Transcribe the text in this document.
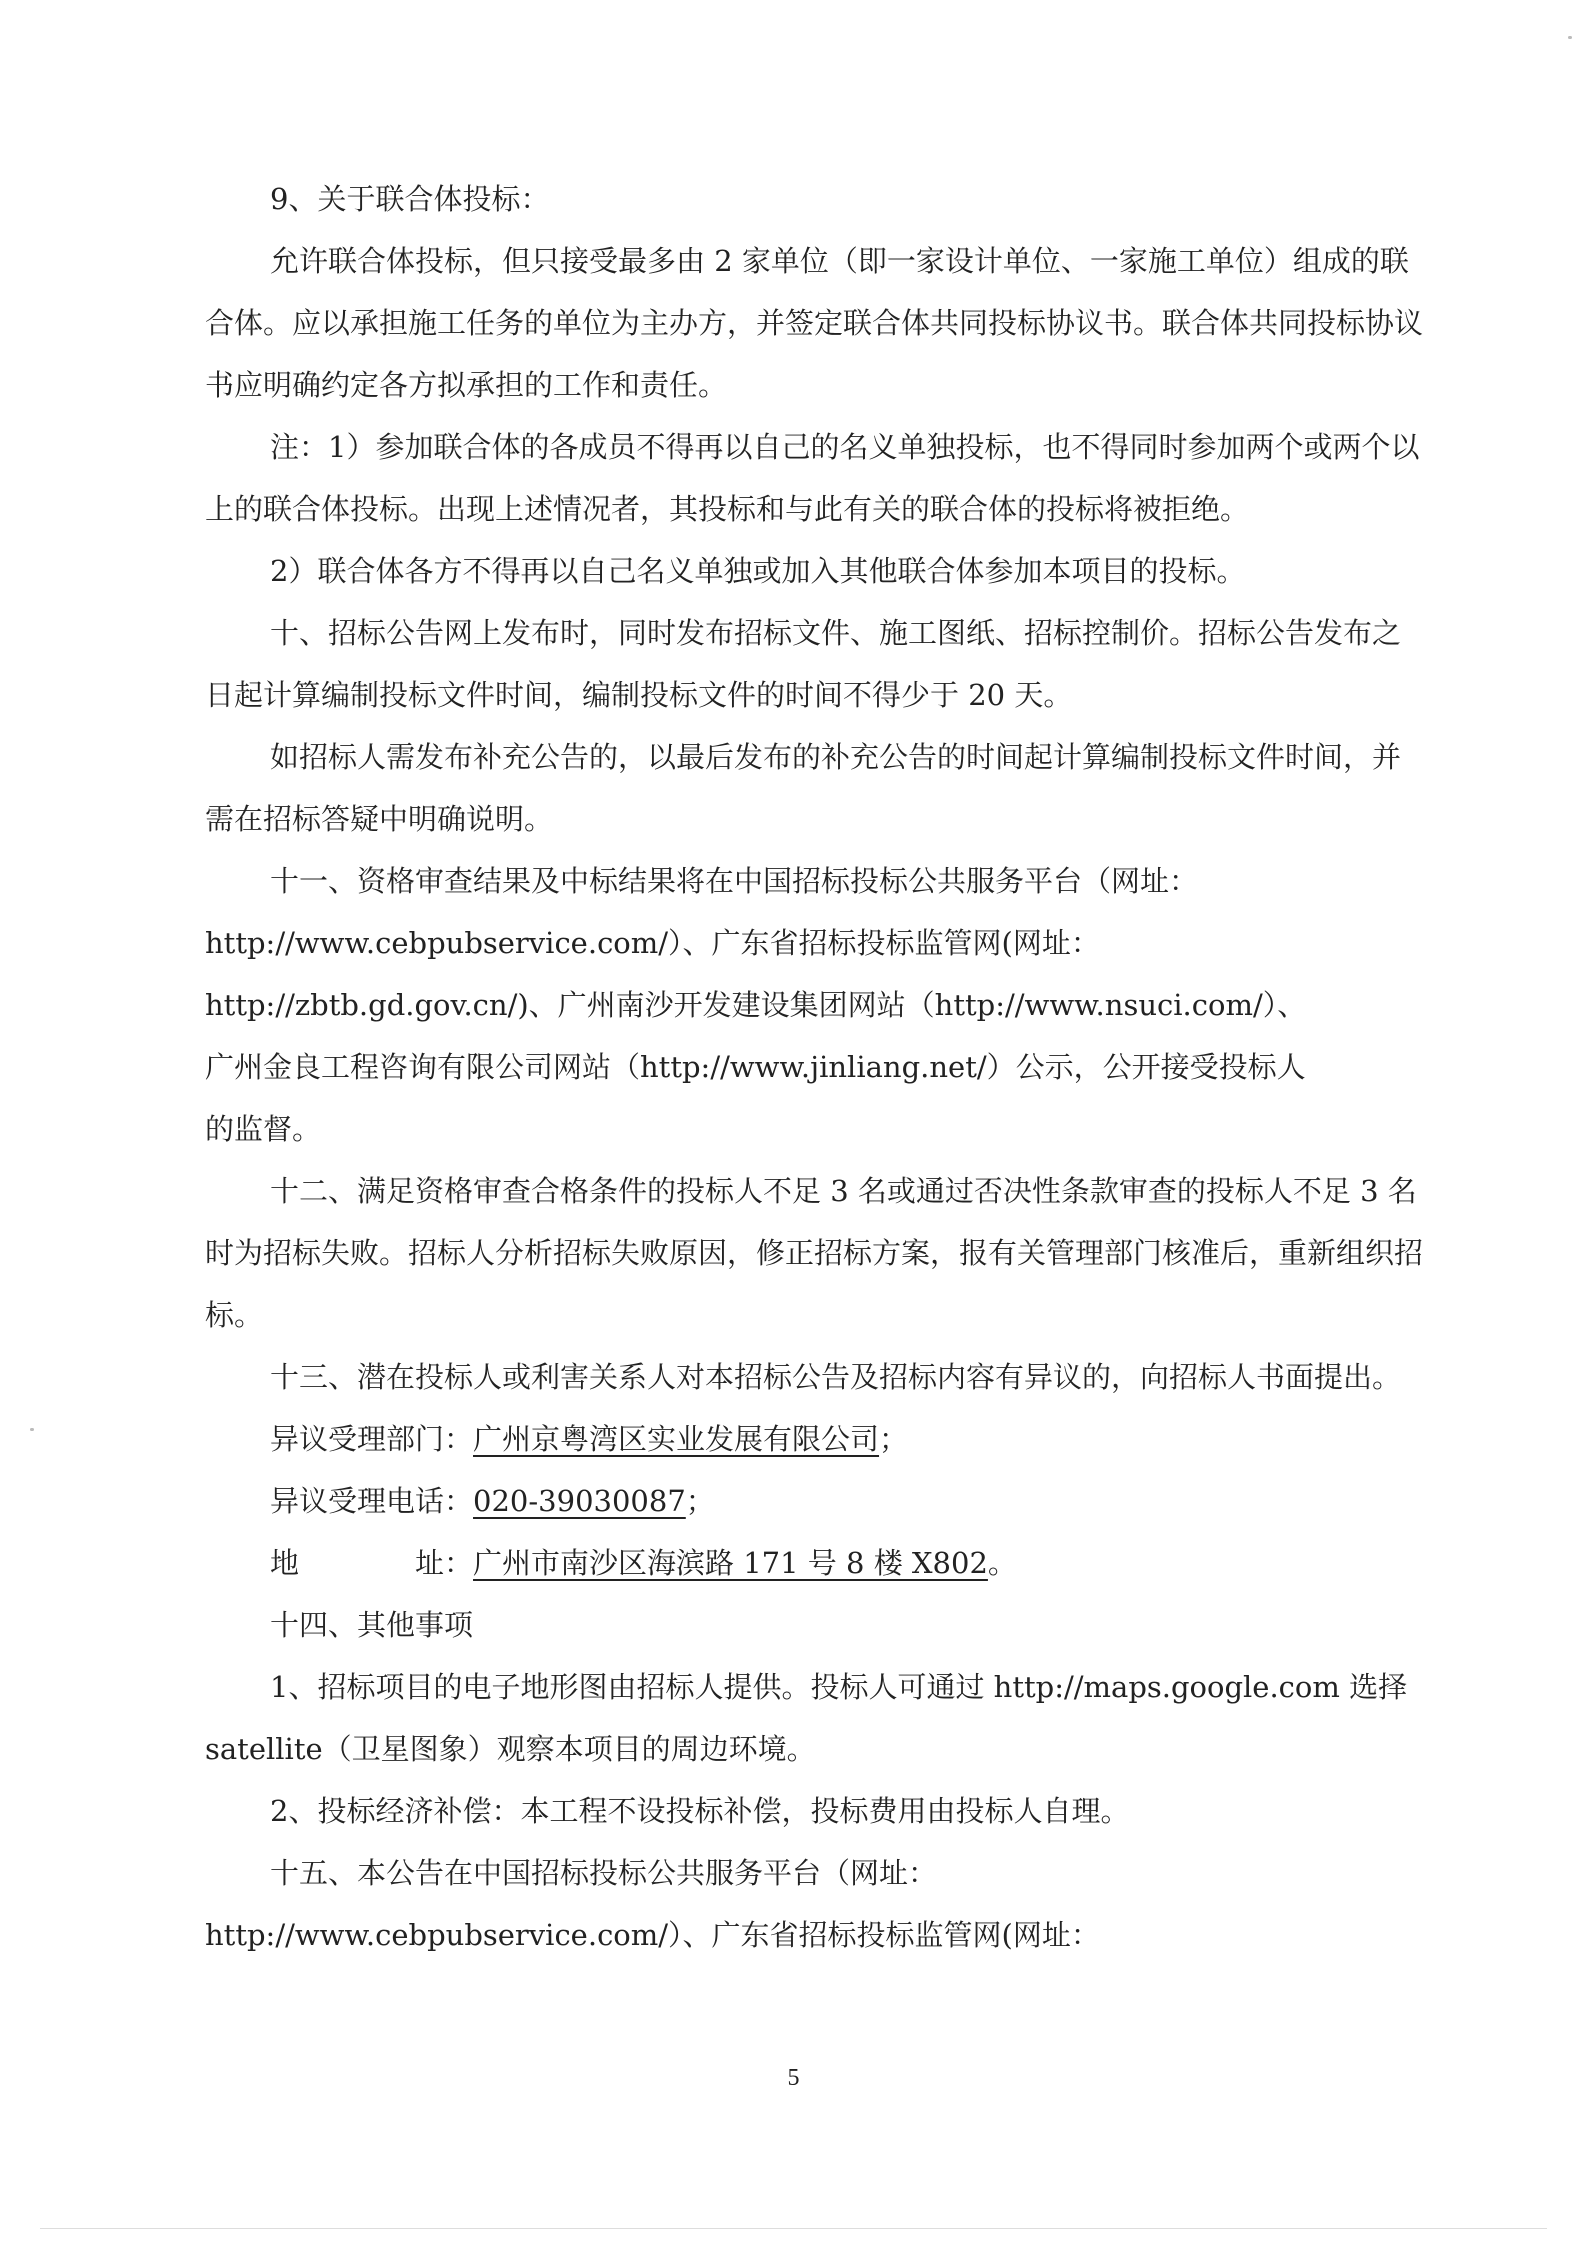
9、关于联合体投标：

允许联合体投标，但只接受最多由 2 家单位（即一家设计单位、一家施工单位）组成的联合体。应以承担施工任务的单位为主办方，并签定联合体共同投标协议书。联合体共同投标协议书应明确约定各方拟承担的工作和责任。

注：1）参加联合体的各成员不得再以自己的名义单独投标，也不得同时参加两个或两个以上的联合体投标。出现上述情况者，其投标和与此有关的联合体的投标将被拒绝。

2）联合体各方不得再以自己名义单独或加入其他联合体参加本项目的投标。

十、招标公告网上发布时，同时发布招标文件、施工图纸、招标控制价。招标公告发布之日起计算编制投标文件时间，编制投标文件的时间不得少于 20 天。

如招标人需发布补充公告的，以最后发布的补充公告的时间起计算编制投标文件时间，并需在招标答疑中明确说明。

十一、资格审查结果及中标结果将在中国招标投标公共服务平台（网址：

http://www.cebpubservice.com/）、广东省招标投标监管网(网址：

http://zbtb.gd.gov.cn/)、广州南沙开发建设集团网站（http://www.nsuci.com/）、

广州金良工程咨询有限公司网站（http://www.jinliang.net/）公示，公开接受投标人

的监督。

十二、满足资格审查合格条件的投标人不足 3 名或通过否决性条款审查的投标人不足 3 名时为招标失败。招标人分析招标失败原因，修正招标方案，报有关管理部门核准后，重新组织招标。

十三、潜在投标人或利害关系人对本招标公告及招标内容有异议的，向招标人书面提出。

异议受理部门：广州京粤湾区实业发展有限公司；

异议受理电话：020-39030087；

地　　　　址：广州市南沙区海滨路 171 号 8 楼 X802。

十四、其他事项

1、招标项目的电子地形图由招标人提供。投标人可通过 http://maps.google.com 选择 satellite（卫星图象）观察本项目的周边环境。

2、投标经济补偿：本工程不设投标补偿，投标费用由投标人自理。

十五、本公告在中国招标投标公共服务平台（网址：

http://www.cebpubservice.com/）、广东省招标投标监管网(网址：

5
